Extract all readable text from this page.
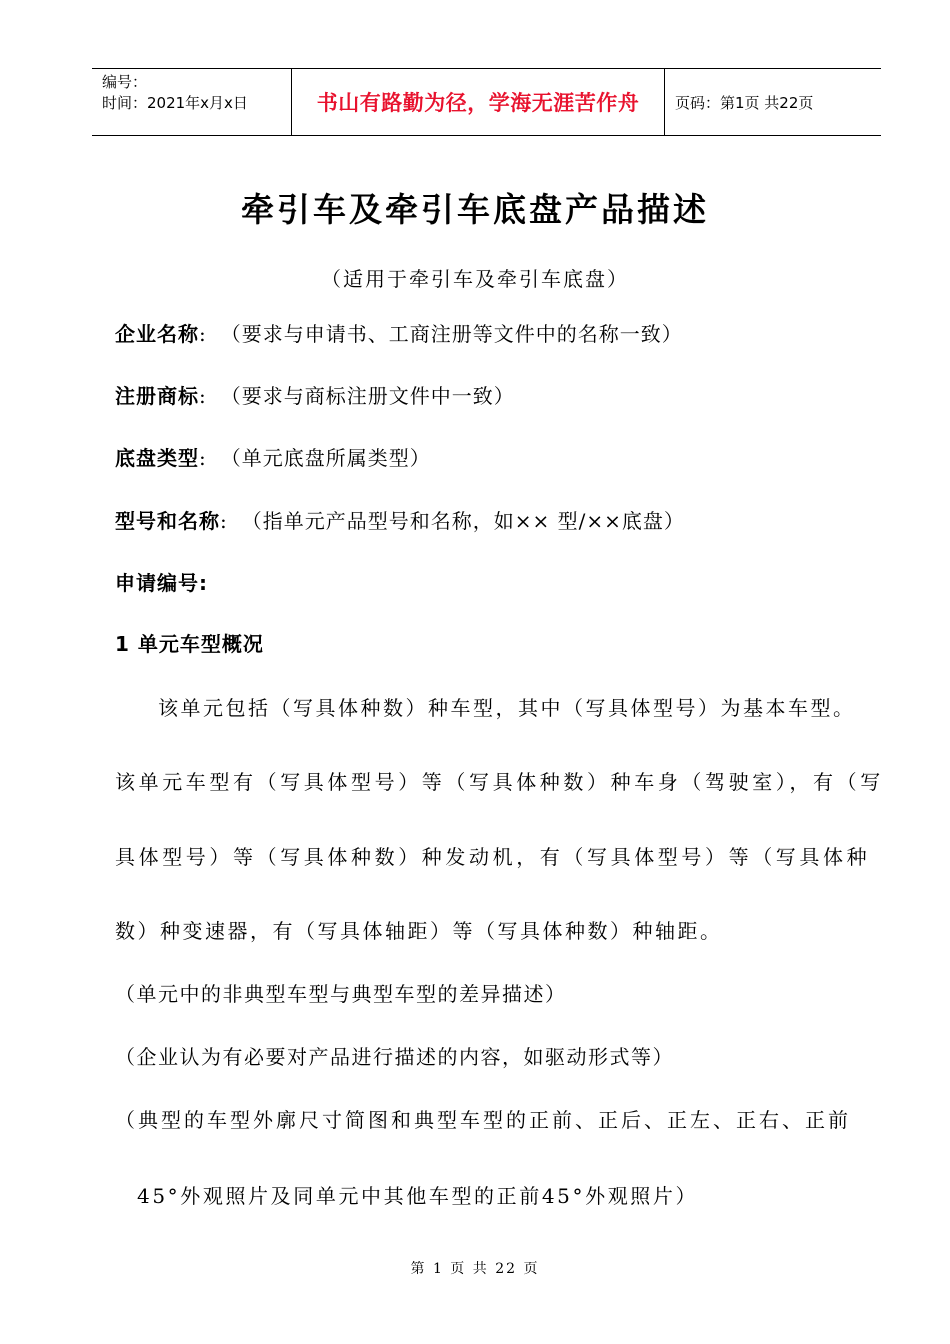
编号：
时间：2021年x月x日	书山有路勤为径，学海无涯苦作舟 页码：第1页 共22页
牵引车及牵引车底盘产品描述
（适用于牵引车及牵引车底盘）
企业名称: （要求与申请书、工商注册等文件中的名称一致）
注册商标: （要求与商标注册文件中一致）
底盘类型: （单元底盘所属类型）
型号和名称: （指单元产品型号和名称，如×× 型/××底盘）
申请编号:
1 单元车型概况
该单元包括（写具体种数）种车型，其中（写具体型号）为基本车型。
该单元车型有（写具体型号）等（写具体种数）种车身（驾驶室），有（写
具体型号）等（写具体种数）种发动机，有（写具体型号）等（写具体种
数）种变速器，有（写具体轴距）等（写具体种数）种轴距。
（单元中的非典型车型与典型车型的差异描述）
（企业认为有必要对产品进行描述的内容，如驱动形式等）
（典型的车型外廓尺寸简图和典型车型的正前、正后、正左、正右、正前
45°外观照片及同单元中其他车型的正前45°外观照片）
第 1 页 共 22 页
